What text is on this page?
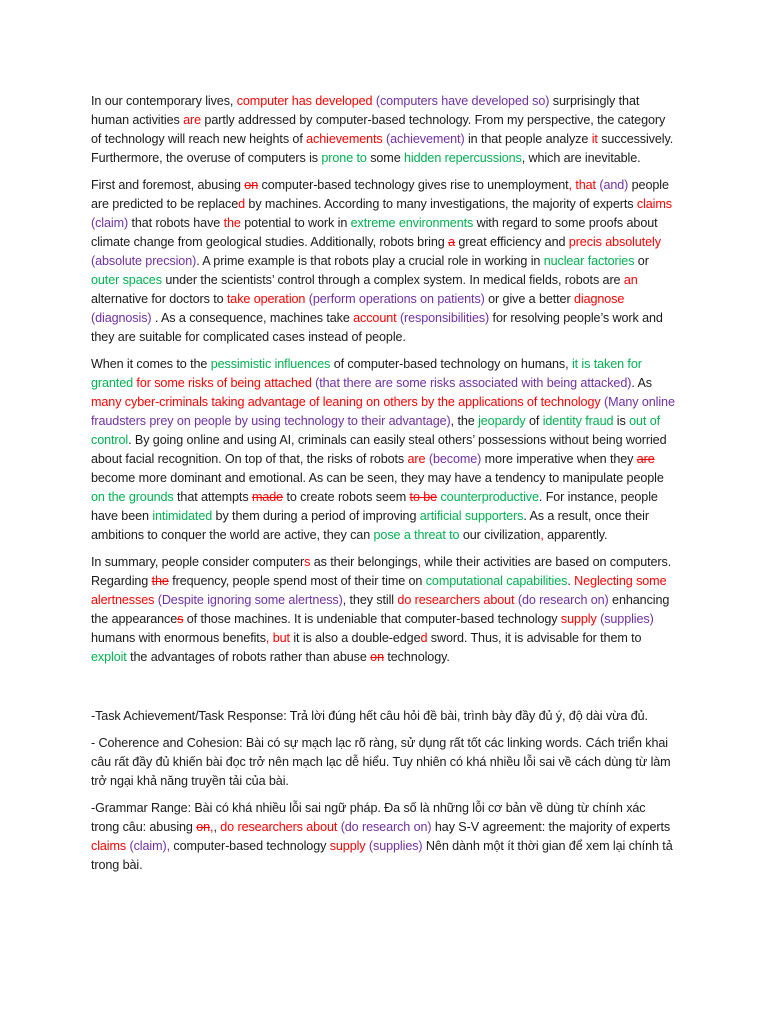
In our contemporary lives, computer has developed (computers have developed so) surprisingly that human activities are partly addressed by computer-based technology. From my perspective, the category of technology will reach new heights of achievements (achievement) in that people analyze it successively. Furthermore, the overuse of computers is prone to some hidden repercussions, which are inevitable.

First and foremost, abusing on computer-based technology gives rise to unemployment, that (and) people are predicted to be replaced by machines. According to many investigations, the majority of experts claims (claim) that robots have the potential to work in extreme environments with regard to some proofs about climate change from geological studies. Additionally, robots bring a great efficiency and precis absolutely (absolute precsion). A prime example is that robots play a crucial role in working in nuclear factories or outer spaces under the scientists’ control through a complex system. In medical fields, robots are an alternative for doctors to take operation (perform operations on patients) or give a better diagnose (diagnosis) . As a consequence, machines take account (responsibilities) for resolving people’s work and they are suitable for complicated cases instead of people.

When it comes to the pessimistic influences of computer-based technology on humans, it is taken for granted for some risks of being attached (that there are some risks associated with being attacked). As many cyber-criminals taking advantage of leaning on others by the applications of technology (Many online fraudsters prey on people by using technology to their advantage), the jeopardy of identity fraud is out of control. By going online and using AI, criminals can easily steal others’ possessions without being worried about facial recognition. On top of that, the risks of robots are (become) more imperative when they are become more dominant and emotional. As can be seen, they may have a tendency to manipulate people on the grounds that attempts made to create robots seem to be counterproductive. For instance, people have been intimidated by them during a period of improving artificial supporters. As a result, once their ambitions to conquer the world are active, they can pose a threat to our civilization, apparently.

In summary, people consider computers as their belongings, while their activities are based on computers. Regarding the frequency, people spend most of their time on computational capabilities. Neglecting some alertnesses (Despite ignoring some alertness), they still do researchers about (do research on) enhancing the appearances of those machines. It is undeniable that computer-based technology supply (supplies) humans with enormous benefits, but it is also a double-edged sword. Thus, it is advisable for them to exploit the advantages of robots rather than abuse on technology.

-Task Achievement/Task Response: Trả lời đúng hết câu hỏi đề bài, trình bày đầy đủ ý, độ dài vừa đủ.

- Coherence and Cohesion: Bài có sự mạch lạc rõ ràng, sử dụng rất tốt các linking words. Cách triển khai câu rất đầy đủ khiến bài đọc trở nên mạch lạc dễ hiểu. Tuy nhiên có khá nhiều lỗi sai về cách dùng từ làm trở ngại khả năng truyền tải của bài.

-Grammar Range: Bài có khá nhiều lỗi sai ngữ pháp. Đa số là những lỗi cơ bản về dùng từ chính xác trong câu: abusing on,, do researchers about (do research on) hay S-V agreement: the majority of experts claims (claim), computer-based technology supply (supplies) Nên dành một ít thời gian để xem lại chính tả trong bài.
